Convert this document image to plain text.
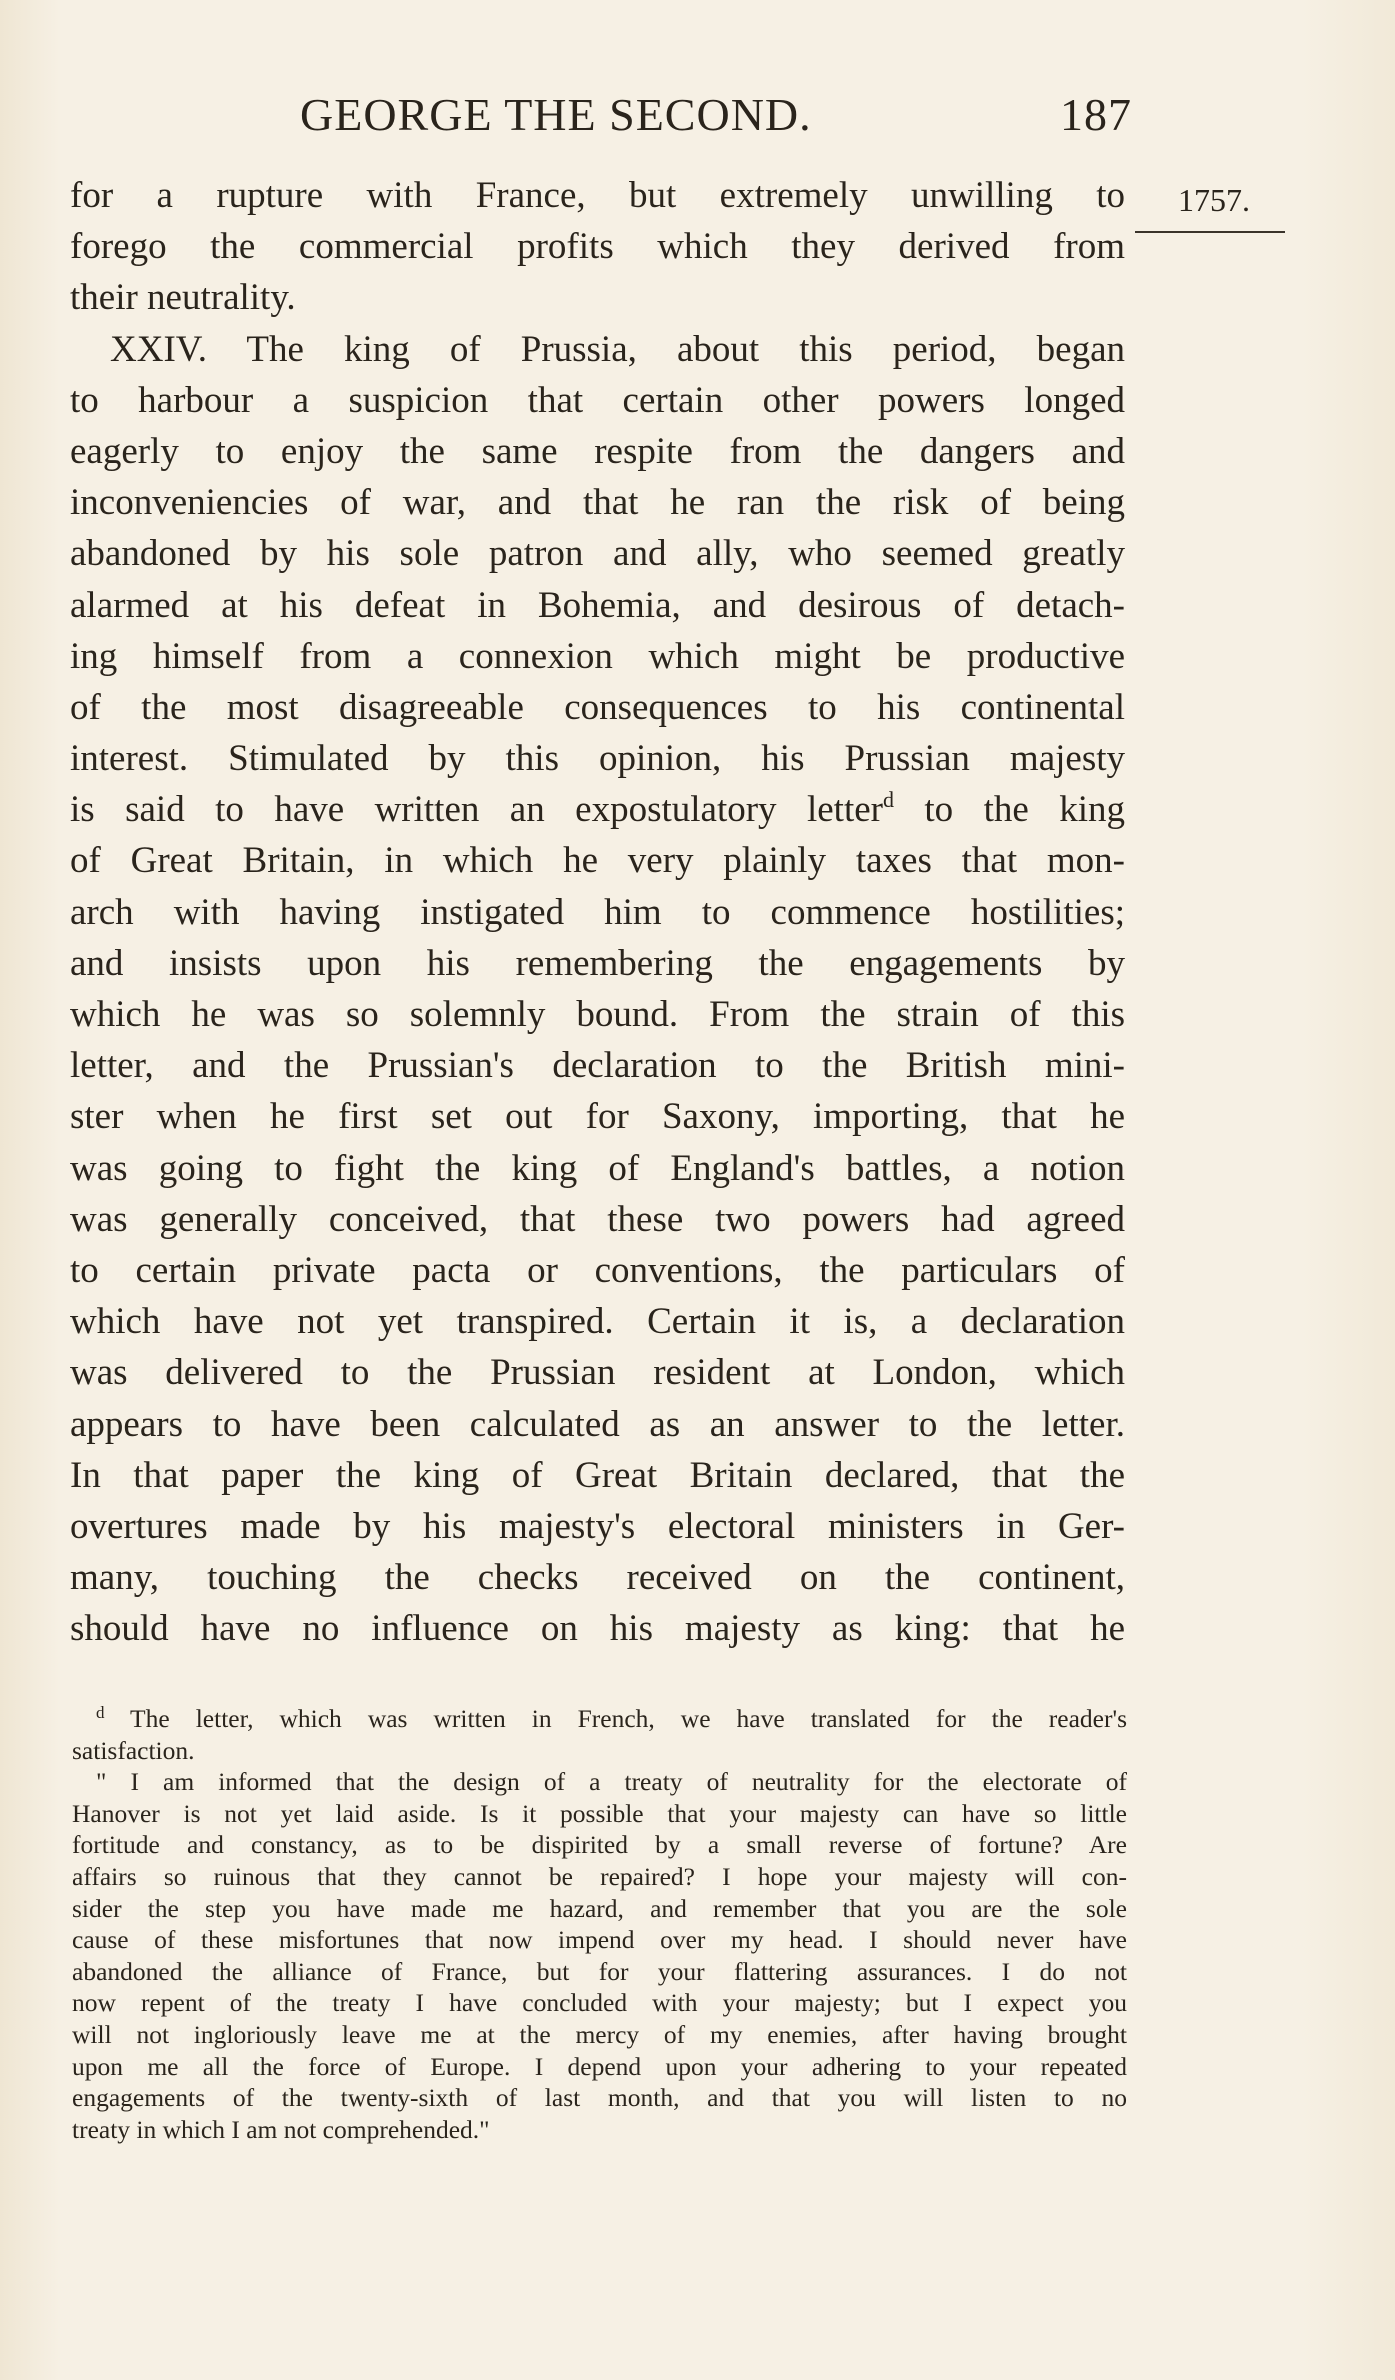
GEORGE THE SECOND.	187
1757.
for a rupture with France, but extremely unwilling to
forego the commercial profits which they derived from
their neutrality.
XXIV. The king of Prussia, about this period, began
to harbour a suspicion that certain other powers longed
eagerly to enjoy the same respite from the dangers and
inconveniencies of war, and that he ran the risk of being
abandoned by his sole patron and ally, who seemed greatly
alarmed at his defeat in Bohemia, and desirous of detach-
ing himself from a connexion which might be productive
of the most disagreeable consequences to his continental
interest. Stimulated by this opinion, his Prussian majesty
is said to have written an expostulatory letter$^d$ to the king
of Great Britain, in which he very plainly taxes that mon-
arch with having instigated him to commence hostilities;
and insists upon his remembering the engagements by
which he was so solemnly bound. From the strain of this
letter, and the Prussian's declaration to the British mini-
ster when he first set out for Saxony, importing, that he
was going to fight the king of England's battles, a notion
was generally conceived, that these two powers had agreed
to certain private pacta or conventions, the particulars of
which have not yet transpired. Certain it is, a declaration
was delivered to the Prussian resident at London, which
appears to have been calculated as an answer to the letter.
In that paper the king of Great Britain declared, that the
overtures made by his majesty's electoral ministers in Ger-
many, touching the checks received on the continent,
should have no influence on his majesty as king: that he
$^d$ The letter, which was written in French, we have translated for the reader's
satisfaction.
" I am informed that the design of a treaty of neutrality for the electorate of
Hanover is not yet laid aside. Is it possible that your majesty can have so little
fortitude and constancy, as to be dispirited by a small reverse of fortune? Are
affairs so ruinous that they cannot be repaired? I hope your majesty will con-
sider the step you have made me hazard, and remember that you are the sole
cause of these misfortunes that now impend over my head. I should never have
abandoned the alliance of France, but for your flattering assurances. I do not
now repent of the treaty I have concluded with your majesty; but I expect you
will not ingloriously leave me at the mercy of my enemies, after having brought
upon me all the force of Europe. I depend upon your adhering to your repeated
engagements of the twenty-sixth of last month, and that you will listen to no
treaty in which I am not comprehended."
